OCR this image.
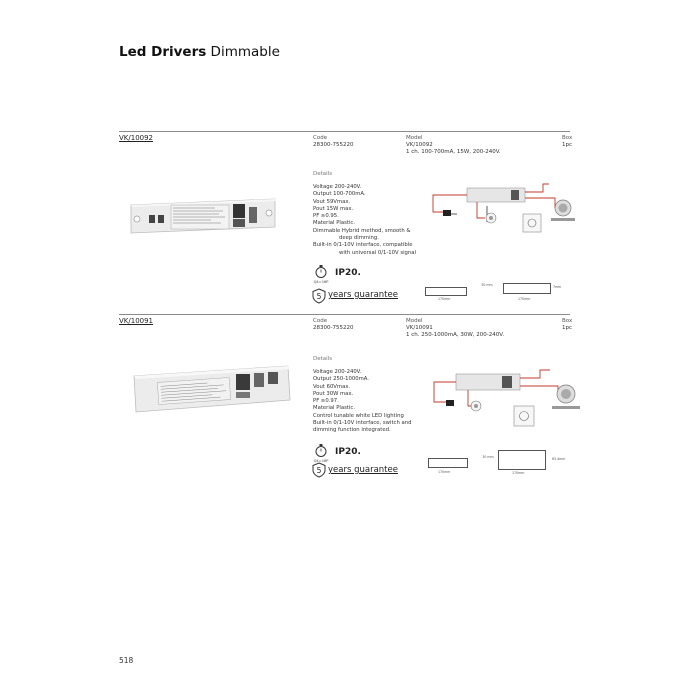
Led Drivers Dimmable
VK/10092	Code
28300-755220
Model
VK/10092
1 ch. 100-700mA, 15W, 200-240V.
Box
1pc
Details
Voltage 200-240V.
Output 100-700mA.
Vout 59Vmax.
Pout 15W max.
PF ≥0.95.
Material Plastic.
Dimmable Hybrid method, smooth &
deep dimming.
Built-in 0/1-10V interface, compatible
with universal 0/1-10V signal
Q4=16P
IP20.
5 years guarantee
30 mm
170mm
7mm
170mm
VK/10091	Code
28300-755220
Model
VK/10091
1 ch. 250-1000mA, 30W, 200-240V.
Box
1pc
Details
Voltage 200-240V.
Output 250-1000mA.
Vout 60Vmax.
Pout 30W max.
PF ≥0.97.
Material Plastic.
Control tunable white LED lighting
Built-in 0/1-10V interface, switch and
dimming function integrated.
Q4=16P
IP20.
5 years guarantee
30 mm
170mm
63.4mm
170mm
518
